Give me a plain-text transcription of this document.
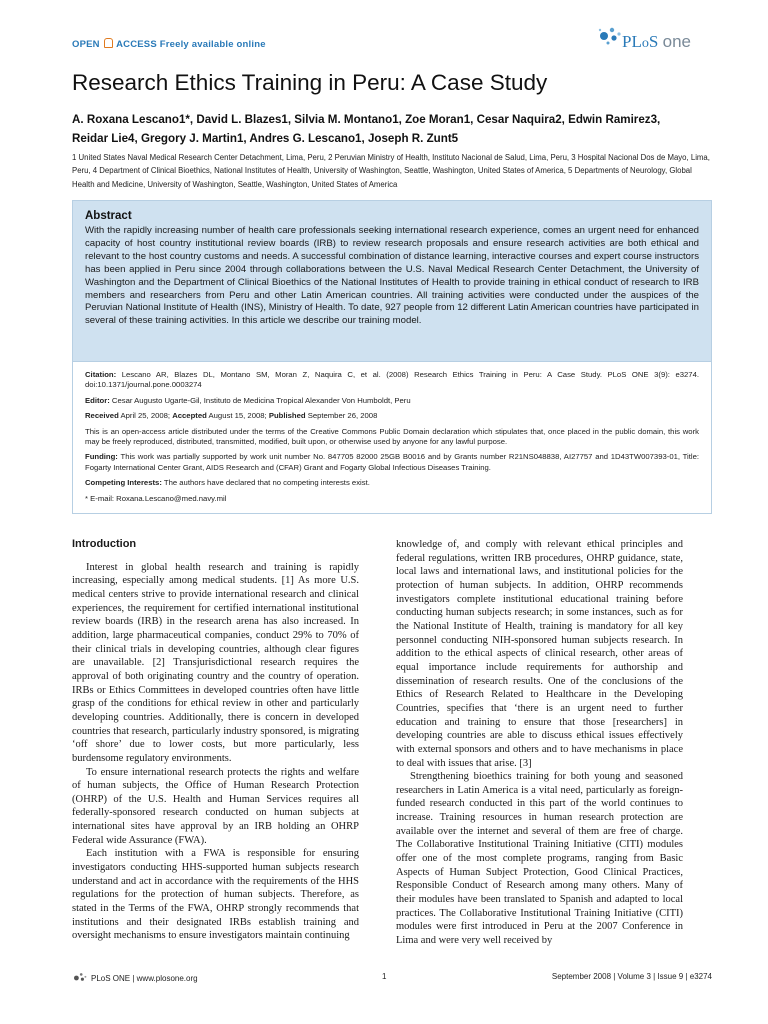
OPEN ACCESS Freely available online	PLoS one
Research Ethics Training in Peru: A Case Study
A. Roxana Lescano1*, David L. Blazes1, Silvia M. Montano1, Zoe Moran1, Cesar Naquira2, Edwin Ramirez3,
Reidar Lie4, Gregory J. Martin1, Andres G. Lescano1, Joseph R. Zunt5
1 United States Naval Medical Research Center Detachment, Lima, Peru, 2 Peruvian Ministry of Health, Instituto Nacional de Salud, Lima, Peru, 3 Hospital Nacional Dos de Mayo, Lima, Peru, 4 Department of Clinical Bioethics, National Institutes of Health, University of Washington, Seattle, Washington, United States of America, 5 Departments of Neurology, Global Health and Medicine, University of Washington, Seattle, Washington, United States of America
Abstract

With the rapidly increasing number of health care professionals seeking international research experience, comes an urgent need for enhanced capacity of host country institutional review boards (IRB) to review research proposals and ensure research activities are both ethical and relevant to the host country customs and needs. A successful combination of distance learning, interactive courses and expert course instructors has been applied in Peru since 2004 through collaborations between the U.S. Naval Medical Research Center Detachment, the University of Washington and the Department of Clinical Bioethics of the National Institutes of Health to provide training in ethical conduct of research to IRB members and researchers from Peru and other Latin American countries. All training activities were conducted under the auspices of the Peruvian National Institute of Health (INS), Ministry of Health. To date, 927 people from 12 different Latin American countries have participated in several of these training activities. In this article we describe our training model.

Citation: Lescano AR, Blazes DL, Montano SM, Moran Z, Naquira C, et al. (2008) Research Ethics Training in Peru: A Case Study. PLoS ONE 3(9): e3274. doi:10.1371/journal.pone.0003274
Editor: Cesar Augusto Ugarte-Gil, Instituto de Medicina Tropical Alexander Von Humboldt, Peru
Received April 25, 2008; Accepted August 15, 2008; Published September 26, 2008
This is an open-access article distributed under the terms of the Creative Commons Public Domain declaration which stipulates that, once placed in the public domain, this work may be freely reproduced, distributed, transmitted, modified, built upon, or otherwise used by anyone for any lawful purpose.
Funding: This work was partially supported by work unit number No. 847705 82000 25GB B0016 and by Grants number R21NS048838, AI27757 and 1D43TW007393-01, Title: Fogarty International Center Grant, AIDS Research and (CFAR) Grant and Fogarty Global Infectious Diseases Training.
Competing Interests: The authors have declared that no competing interests exist.
* E-mail: Roxana.Lescano@med.navy.mil
Introduction

Interest in global health research and training is rapidly increasing, especially among medical students. [1] As more U.S. medical centers strive to provide international research and clinical experiences, the requirement for certified international institutional review boards (IRB) in the research arena has also increased. In addition, large pharmaceutical companies, conduct 29% to 70% of their clinical trials in developing countries, although clear figures are unavailable. [2] Transjurisdictional research requires the approval of both originating country and the country of operation. IRBs or Ethics Committees in developed countries often have little grasp of the conditions for ethical review in other and particularly developing countries. Additionally, there is concern in developed countries that research, particularly industry sponsored, is migrating ‘off shore’ due to lower costs, but more particularly, less burdensome regulatory environments.

To ensure international research protects the rights and welfare of human subjects, the Office of Human Research Protection (OHRP) of the U.S. Health and Human Services requires all federally-sponsored research conducted on human subjects at international sites have approval by an IRB holding an OHRP Federal wide Assurance (FWA).

Each institution with a FWA is responsible for ensuring investigators conducting HHS-supported human subjects research understand and act in accordance with the requirements of the HHS regulations for the protection of human subjects. Therefore, as stated in the Terms of the FWA, OHRP strongly recommends that institutions and their designated IRBs establish training and oversight mechanisms to ensure investigators maintain continuing

knowledge of, and comply with relevant ethical principles and federal regulations, written IRB procedures, OHRP guidance, state, local laws and international laws, and institutional policies for the protection of human subjects. In addition, OHRP recommends investigators complete institutional educational training before conducting human subjects research; in some instances, such as for the National Institute of Health, training is mandatory for all key personnel conducting NIH-sponsored human subjects research. In addition to the ethical aspects of clinical research, other areas of equal importance include requirements for authorship and dissemination of research results. One of the conclusions of the Ethics of Research Related to Healthcare in the Developing Countries, specifies that ‘there is an urgent need to further education and training to ensure that those [researchers] in developing countries are able to discuss ethical issues effectively with external sponsors and others and to have mechanisms in place to deal with issues that arise. [3]

Strengthening bioethics training for both young and seasoned researchers in Latin America is a vital need, particularly as foreign-funded research conducted in this part of the world continues to increase. Training resources in human research protection are available over the internet and several of them are free of charge. The Collaborative Institutional Training Initiative (CITI) modules offer one of the most complete programs, ranging from Basic Aspects of Human Subject Protection, Good Clinical Practices, Responsible Conduct of Research among many others. Many of their modules have been translated to Spanish and adapted to local practices. The Collaborative Institutional Training Initiative (CITI) modules were first introduced in Peru at the 2007 Conference in Lima and were very well received by

PLoS ONE | www.plosone.org	1	September 2008 | Volume 3 | Issue 9 | e3274
